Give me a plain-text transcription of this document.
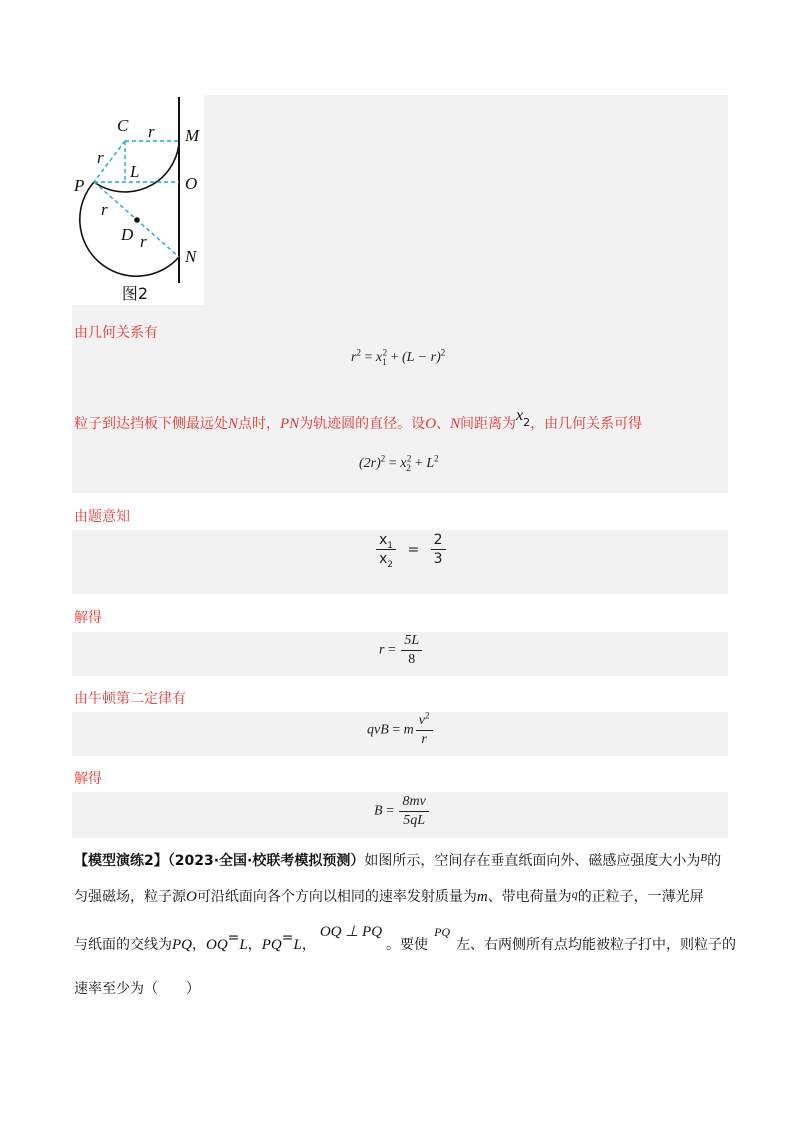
C r M
r
L
P	O
r
D r
N
图2
由几何关系有
$r^2 = x_1^2 + (L - r)^2$
粒子到达挡板下侧最远处N点时，PN为轨迹圆的直径。设O、N间距离为$x_2$，由几何关系可得
$(2r)^2 = x_2^2 + L^2$
由题意知
$\frac{x_1}{x_2} = \frac{2}{3}$
解得
$r = \frac{5L}{8}$
由牛顿第二定律有
qvB = m $\frac{v^2}{r}$
解得
$B = \frac{8mv}{5qL}$
【模型演练2】（2023·全国·校联考模拟预测）如图所示，空间存在垂直纸面向外、磁感应强度大小为$^B$的
匀强磁场，粒子源O可沿纸面向各个方向以相同的速率发射质量为m、带电荷量为q的正粒子，一薄光屏
与纸面的交线为PQ，OQ=L，PQ=L，OQ ⊥ PQ。要使PQ左、右两侧所有点均能被粒子打中，则粒子的
速率至少为（　　）
